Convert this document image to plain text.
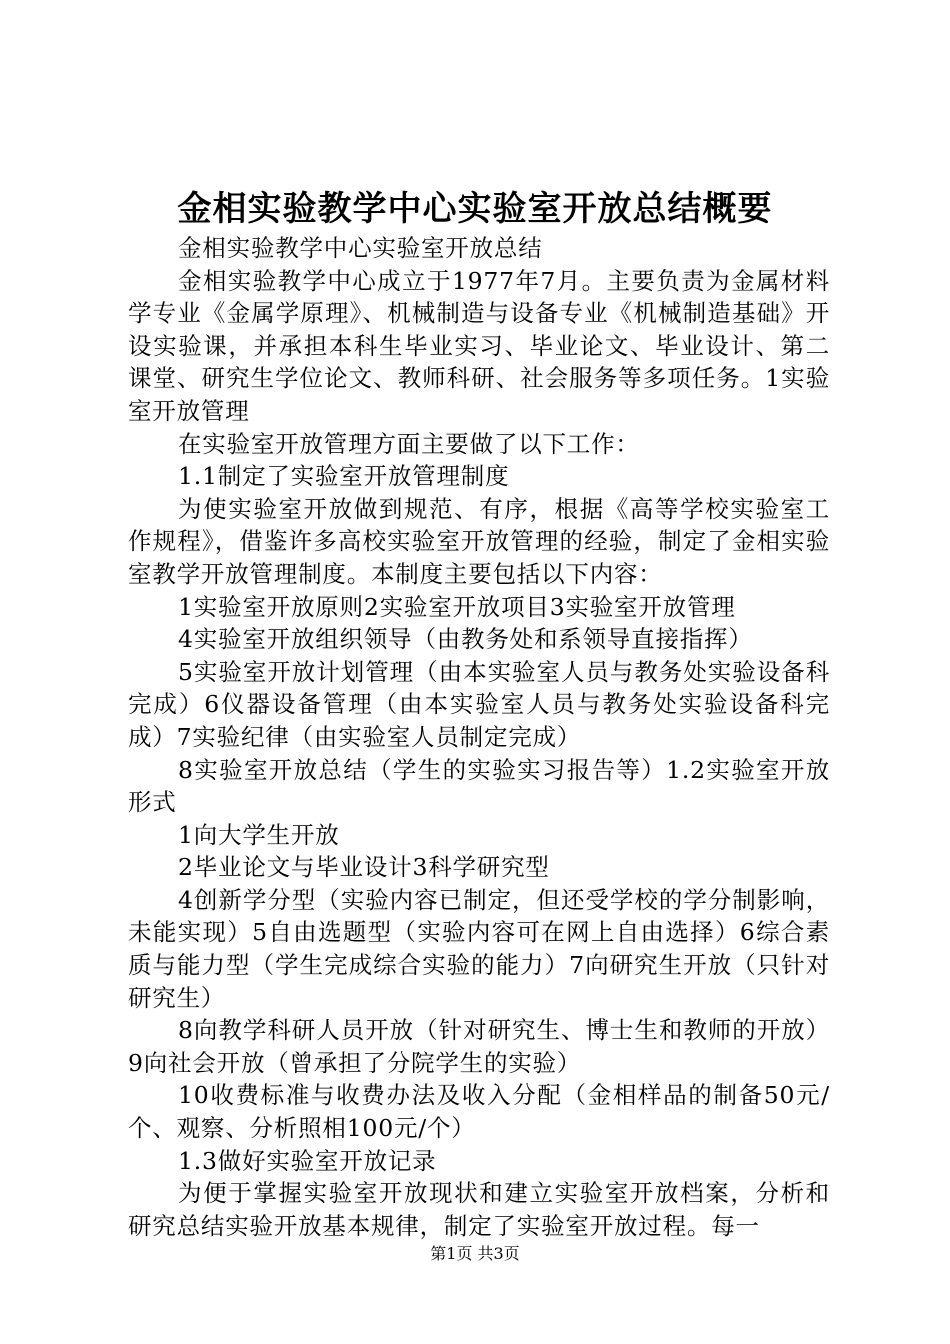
金相实验教学中心实验室开放总结概要

金相实验教学中心实验室开放总结

金相实验教学中心成立于1977年7月。主要负责为金属材料学专业《金属学原理》、机械制造与设备专业《机械制造基础》开设实验课，并承担本科生毕业实习、毕业论文、毕业设计、第二课堂、研究生学位论文、教师科研、社会服务等多项任务。1实验室开放管理

在实验室开放管理方面主要做了以下工作：

1.1制定了实验室开放管理制度

为使实验室开放做到规范、有序，根据《高等学校实验室工作规程》，借鉴许多高校实验室开放管理的经验，制定了金相实验室教学开放管理制度。本制度主要包括以下内容：

1实验室开放原则2实验室开放项目3实验室开放管理

4实验室开放组织领导（由教务处和系领导直接指挥）

5实验室开放计划管理（由本实验室人员与教务处实验设备科完成）6仪器设备管理（由本实验室人员与教务处实验设备科完成）7实验纪律（由实验室人员制定完成）

8实验室开放总结（学生的实验实习报告等）1.2实验室开放形式

1向大学生开放

2毕业论文与毕业设计3科学研究型

4创新学分型（实验内容已制定，但还受学校的学分制影响，未能实现）5自由选题型（实验内容可在网上自由选择）6综合素质与能力型（学生完成综合实验的能力）7向研究生开放（只针对研究生）

8向教学科研人员开放（针对研究生、博士生和教师的开放）9向社会开放（曾承担了分院学生的实验）

10收费标准与收费办法及收入分配（金相样品的制备50元/个、观察、分析照相100元/个）

1.3做好实验室开放记录

为便于掌握实验室开放现状和建立实验室开放档案，分析和研究总结实验开放基本规律，制定了实验室开放过程。每一

第1页 共3页
